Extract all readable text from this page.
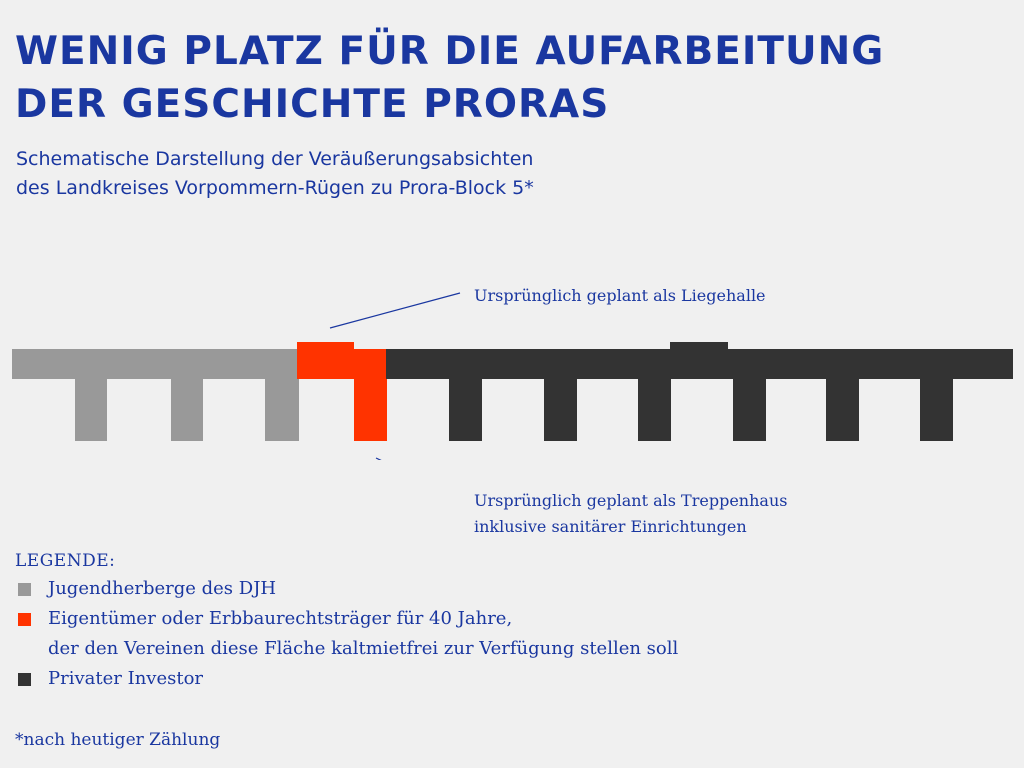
WENIG PLATZ FÜR DIE AUFARBEITUNG
DER GESCHICHTE PRORAS
Schematische Darstellung der Veräußerungsabsichten
des Landkreises Vorpommern-Rügen zu Prora-Block 5*
Ursprünglich geplant als Liegehalle
Ursprünglich geplant als Treppenhaus
inklusive sanitärer Einrichtungen
LEGENDE:
Jugendherberge des DJH
Eigentümer oder Erbbaurechtsträger für 40 Jahre,
der den Vereinen diese Fläche kaltmietfrei zur Verfügung stellen soll
Privater Investor
*nach heutiger Zählung
